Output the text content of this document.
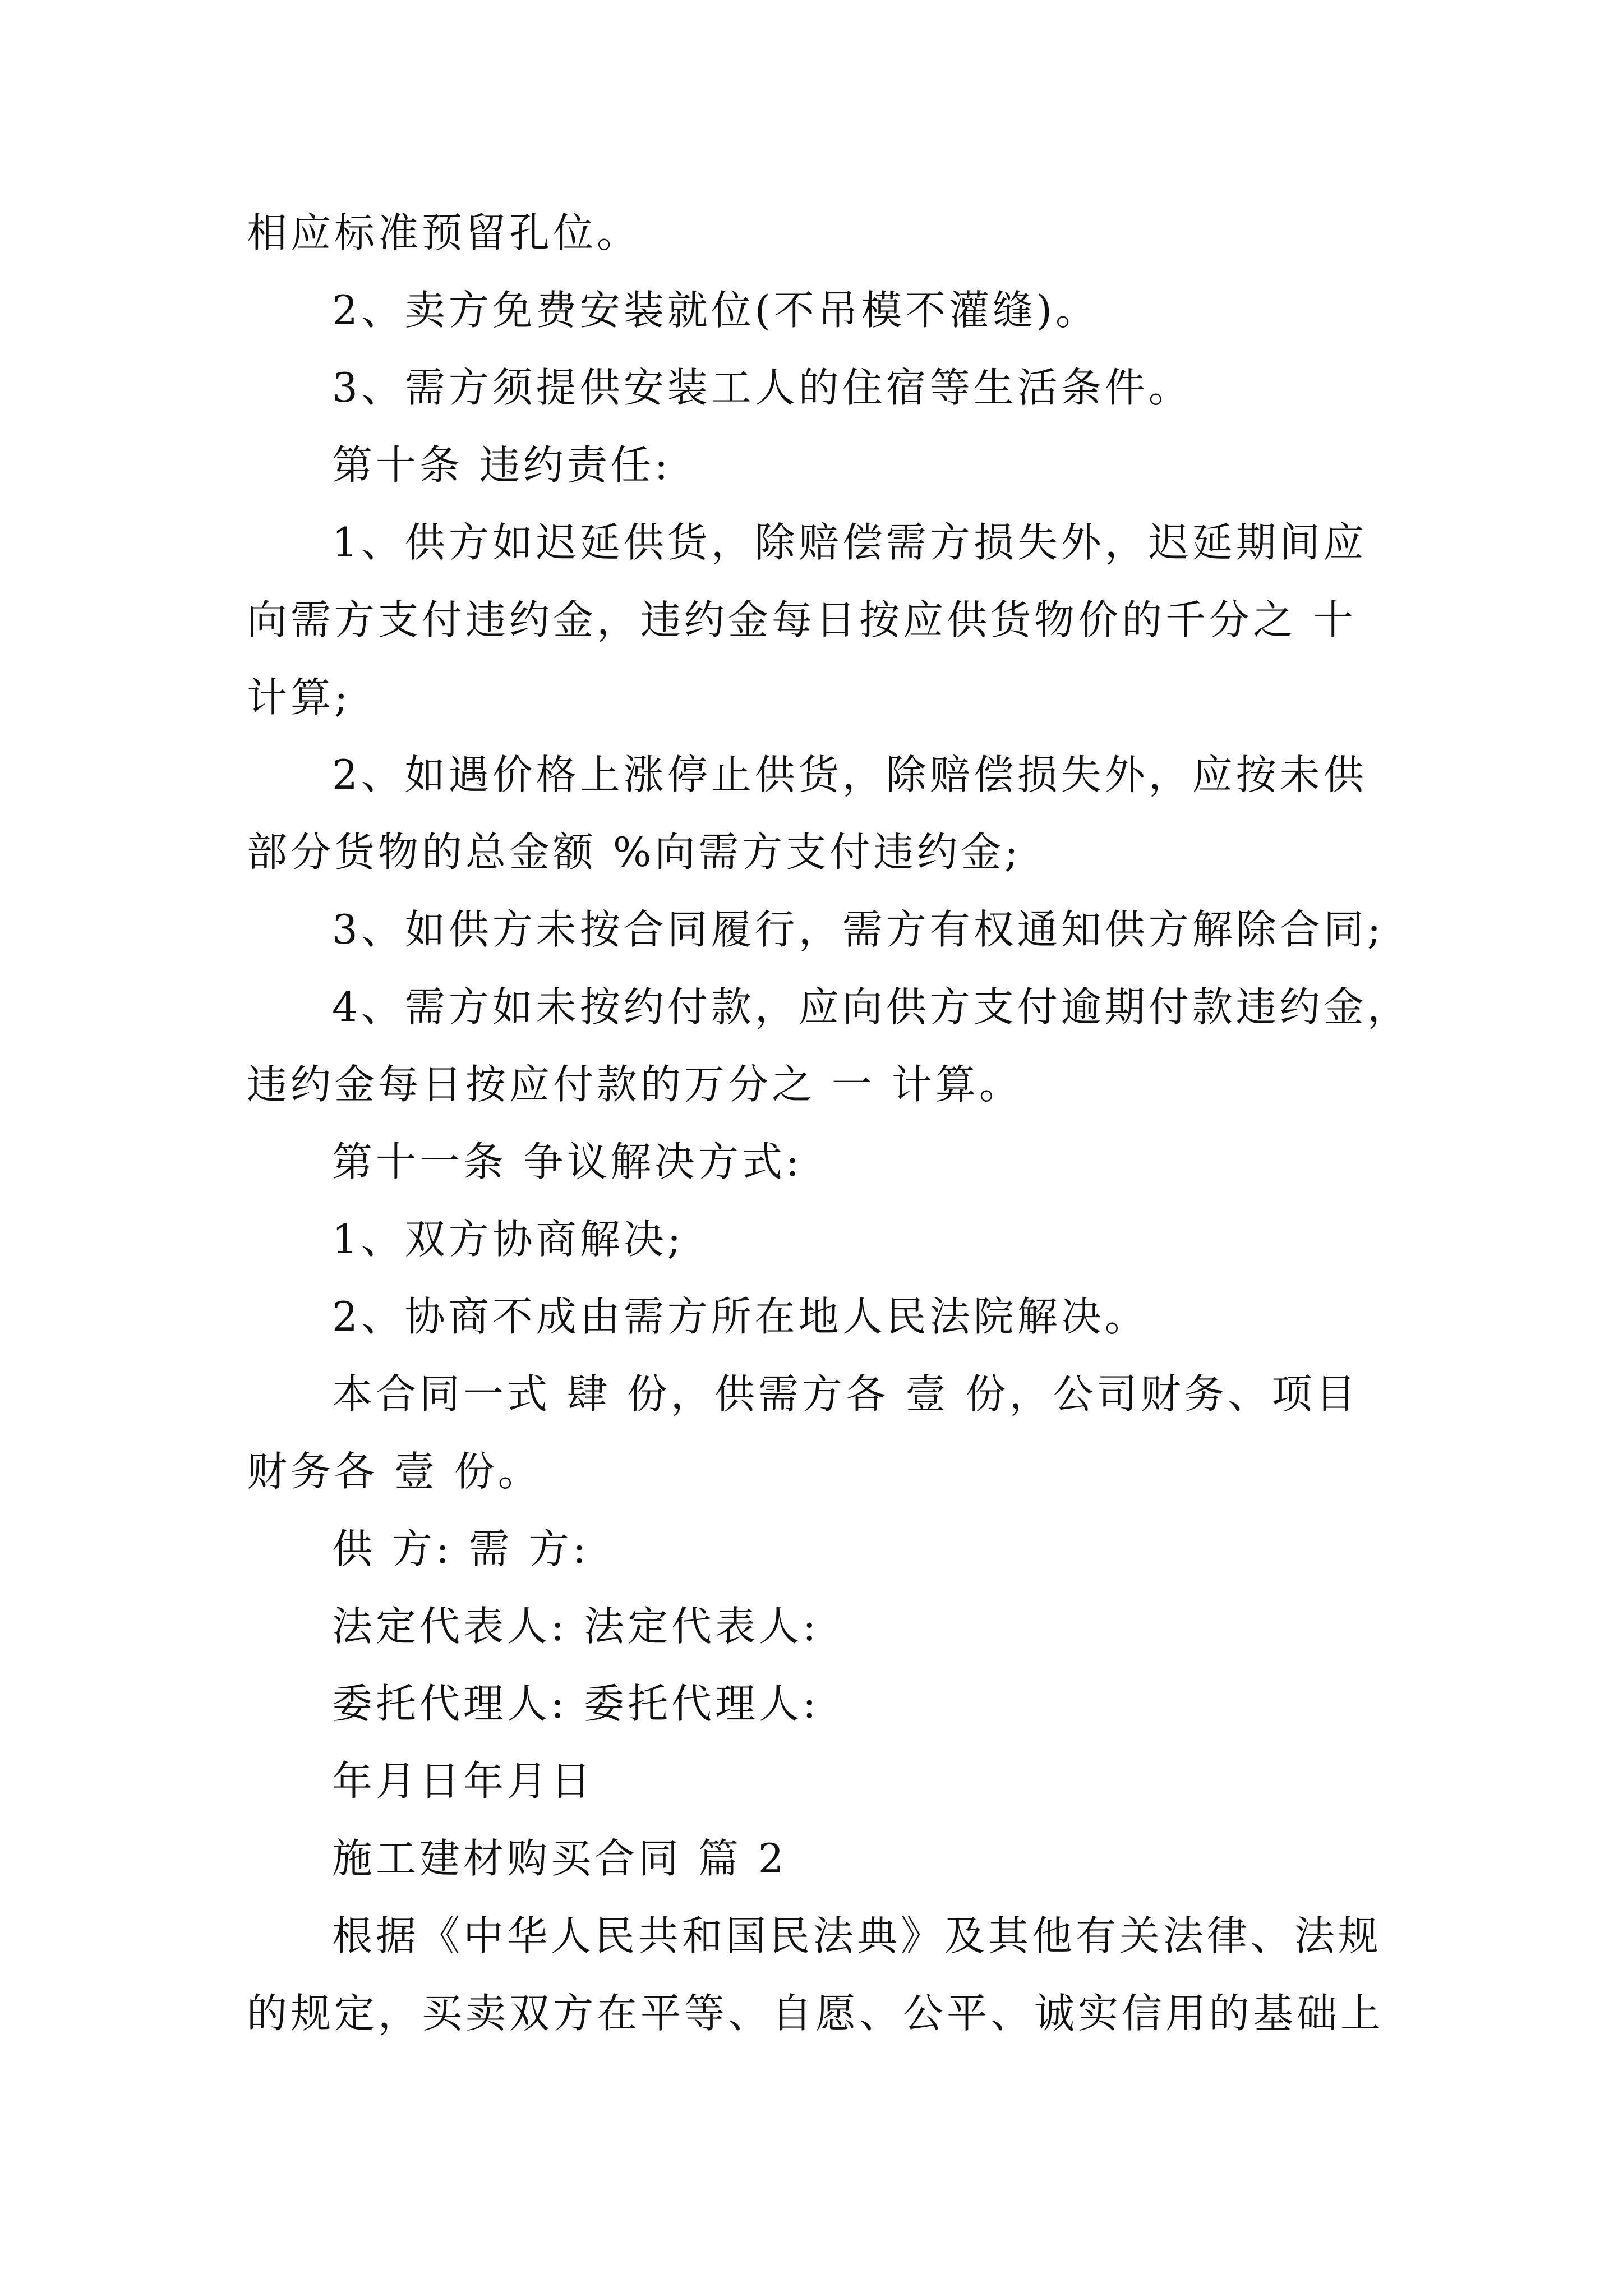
相应标准预留孔位。
2、卖方免费安装就位(不吊模不灌缝)。
3、需方须提供安装工人的住宿等生活条件。
第十条 违约责任:
1、供方如迟延供货，除赔偿需方损失外，迟延期间应
向需方支付违约金，违约金每日按应供货物价的千分之 十
计算;
2、如遇价格上涨停止供货，除赔偿损失外，应按未供
部分货物的总金额 %向需方支付违约金;
3、如供方未按合同履行，需方有权通知供方解除合同;
4、需方如未按约付款，应向供方支付逾期付款违约金，
违约金每日按应付款的万分之 一 计算。
第十一条 争议解决方式:
1、双方协商解决;
2、协商不成由需方所在地人民法院解决。
本合同一式 肆 份，供需方各 壹 份，公司财务、项目
财务各 壹 份。
供 方: 需 方:
法定代表人: 法定代表人:
委托代理人: 委托代理人:
年月日年月日
施工建材购买合同 篇 2
根据《中华人民共和国民法典》及其他有关法律、法规
的规定，买卖双方在平等、自愿、公平、诚实信用的基础上
